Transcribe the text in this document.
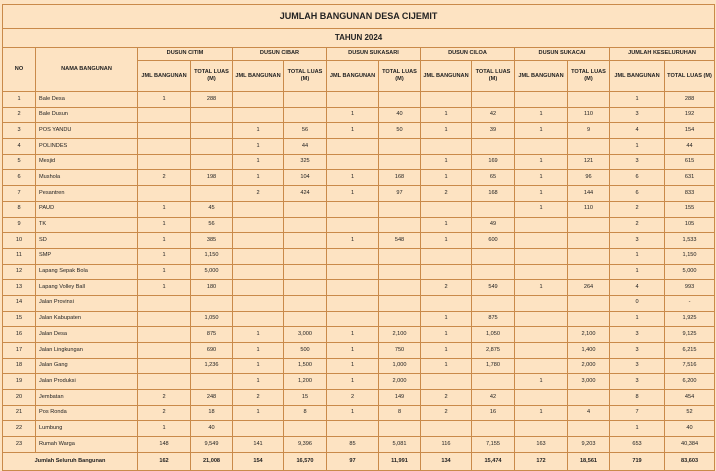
JUMLAH BANGUNAN DESA CIJEMIT													
TAHUN 2024													
NO	NAMA BANGUNAN	DUSUN CITIM		DUSUN CIBAR		DUSUN SUKASARI		DUSUN CILOA		DUSUN SUKACAI		JUMLAH KESELURUHAN	
		JML BANGUNAN	TOTAL LUAS (M)	JML BANGUNAN	TOTAL LUAS (M)	JML BANGUNAN	TOTAL LUAS (M)	JML BANGUNAN	TOTAL LUAS (M)	JML BANGUNAN	TOTAL LUAS (M)	JML BANGUNAN	TOTAL LUAS (M)
1	Bale Desa	1	288									1	288
2	Bale Dusun					1	40	1	42	1	110	3	192
3	POS YANDU			1	56	1	50	1	39	1	9	4	154
4	POLINDES			1	44							1	44
5	Mesjid			1	325			1	169	1	121	3	615
6	Mushola	2	198	1	104	1	168	1	65	1	96	6	631
7	Pesantren			2	424	1	97	2	168	1	144	6	833
8	PAUD	1	45							1	110	2	155
9	TK	1	56					1	49			2	105
10	SD	1	385			1	548	1	600			3	1,533
11	SMP	1	1,150									1	1,150
12	Lapang Sepak Bola	1	5,000									1	5,000
13	Lapang Volley Ball	1	180					2	549	1	264	4	993
14	Jalan Provinsi											0	-
15	Jalan Kabupaten		1,050					1	875			1	1,925
16	Jalan Desa		875	1	3,000	1	2,100	1	1,050		2,100	3	9,125
17	Jalan Lingkungan		690	1	500	1	750	1	2,875		1,400	3	6,215
18	Jalan Gang		1,236	1	1,500	1	1,000	1	1,780		2,000	3	7,516
19	Jalan Produksi			1	1,200	1	2,000			1	3,000	3	6,200
20	Jembatan	2	248	2	15	2	149	2	42			8	454
21	Pos Ronda	2	18	1	8	1	8	2	16	1	4	7	52
22	Lumbung	1	40									1	40
23	Rumah Warga	148	9,549	141	9,396	85	5,081	116	7,155	163	9,203	653	40,384
Jumlah Seluruh Bangunan		162	21,008	154	16,570	97	11,991	134	15,474	172	18,561	719	83,603
